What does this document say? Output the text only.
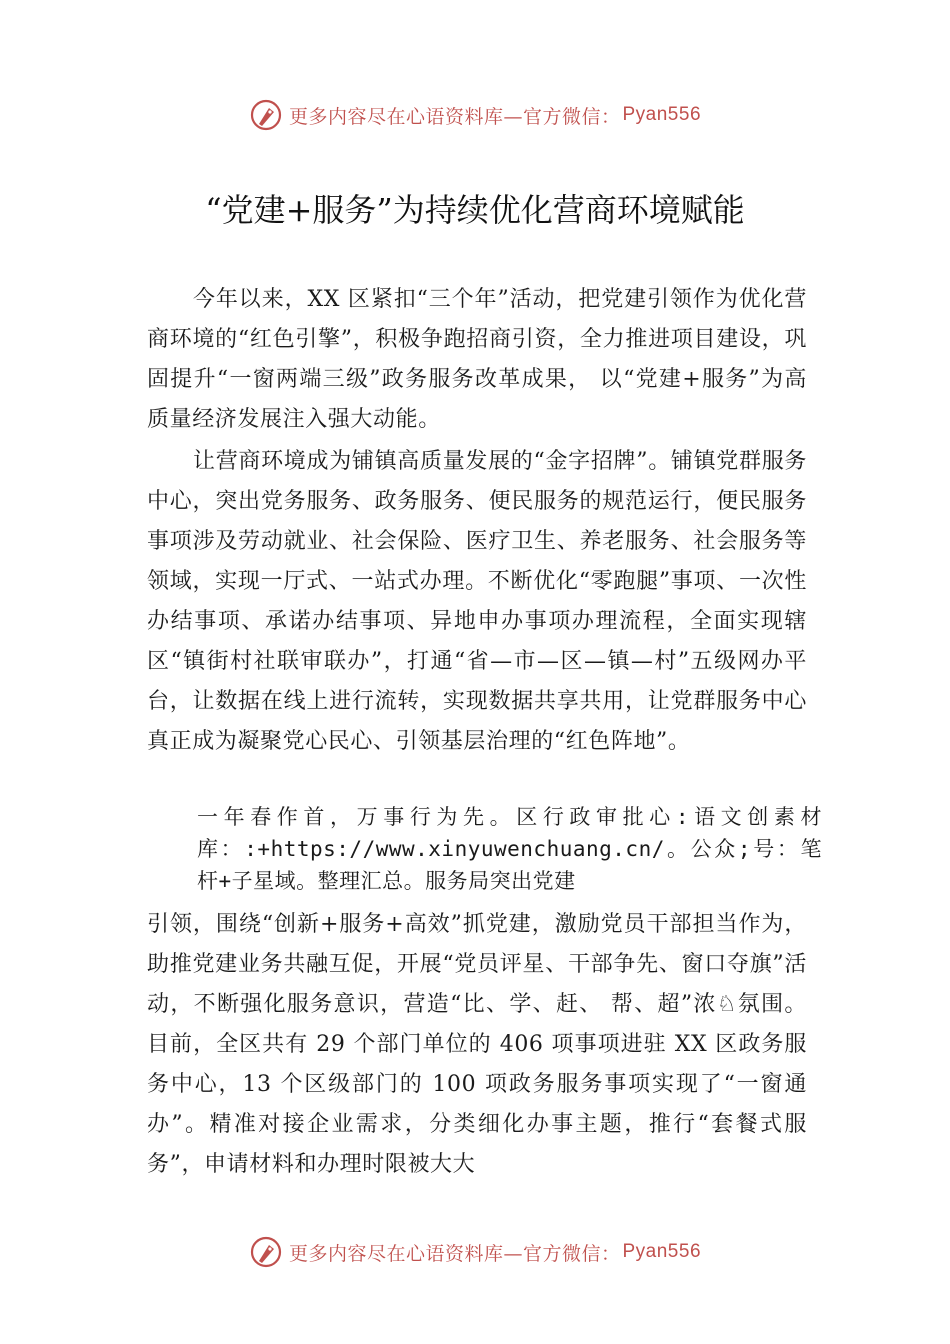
更多内容尽在心语资料库—官方微信： Pyan556
“党建+服务”为持续优化营商环境赋能

今年以来，XX 区紧扣“三个年”活动，把党建引领作为优化营商环境的“红色引擎”，积极争跑招商引资，全力推进项目建设，巩固提升“一窗两端三级”政务服务改革成果， 以“党建+服务”为高质量经济发展注入强大动能。

让营商环境成为铺镇高质量发展的“金字招牌”。铺镇党群服务中心，突出党务服务、政务服务、便民服务的规范运行，便民服务事项涉及劳动就业、社会保险、医疗卫生、养老服务、社会服务等领域，实现一厅式、一站式办理。不断优化“零跑腿”事项、一次性办结事项、承诺办结事项、异地申办事项办理流程，全面实现辖区“镇街村社联审联办”，打通“省—市—区—镇—村”五级网办平台，让数据在线上进行流转，实现数据共享共用，让党群服务中心真正成为凝聚党心民心、引领基层治理的“红色阵地”。

一年春作首，万事行为先。区行政审批心:语文创素材库：:+https://www.xinyuwenchuang.cn/。公众;号：笔杆+子星域。整理汇总。服务局突出党建

引领，围绕“创新+服务+高效”抓党建，激励党员干部担当作为，助推党建业务共融互促，开展“党员评星、干部争先、窗口夺旗”活动，不断强化服务意识，营造“比、学、赶、 帮、超”浓♘氛围。目前，全区共有 29 个部门单位的 406 项事项进驻 XX 区政务服务中心，13 个区级部门的 100 项政务服务事项实现了“一窗通办”。精准对接企业需求，分类细化办事主题，推行“套餐式服务”，申请材料和办理时限被大大

更多内容尽在心语资料库—官方微信： Pyan556
